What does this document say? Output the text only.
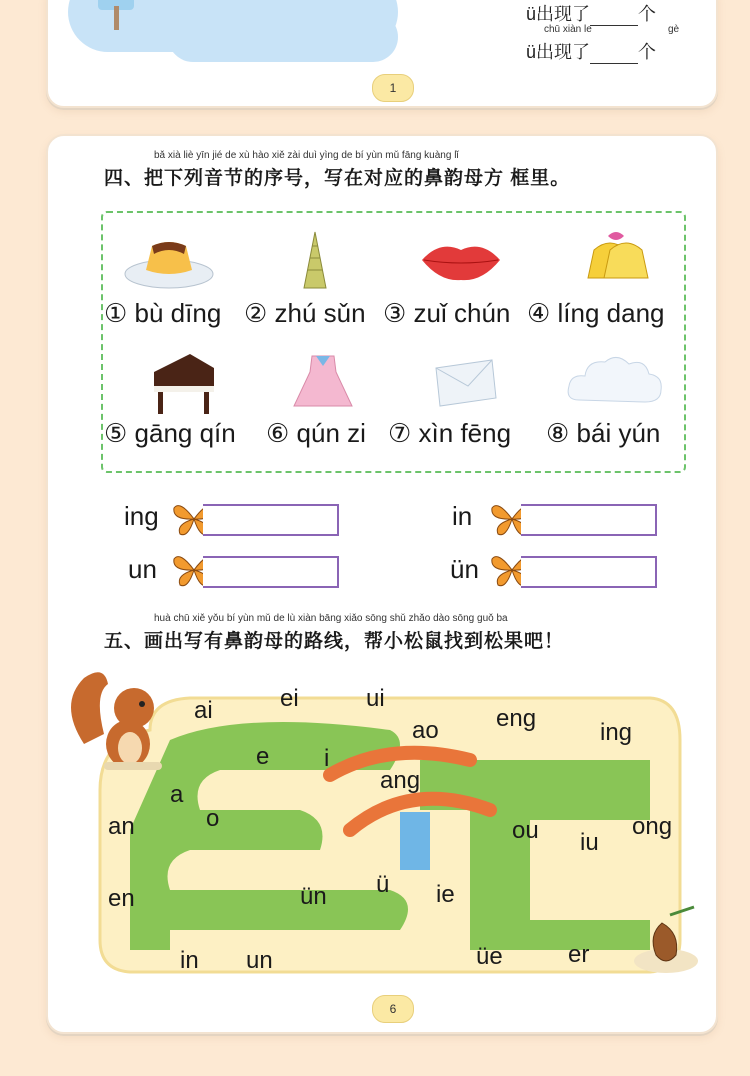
ü出现了	个
chū xiàn le	gè
ü出现了	个
1
bǎ xià liè yīn jié de xù hào xiě zài duì yìng de bí yùn mǔ fāng kuàng lǐ
四、把下列音节的序号，写在对应的鼻韵母方 框里。
① bù dīng ② zhú sǔn ③ zuǐ chún ④ líng dang
⑤ gāng qín ⑥ qún zi ⑦ xìn fēng ⑧ bái yún
ing	in
un	ün
huà chū xiě yǒu bí yùn mǔ de lù xiàn bāng xiǎo sōng shǔ zhǎo dào sōng guǒ ba
五、画出写有鼻韵母的路线，帮小松鼠找到松果吧！
ai	ei	ui
ao eng
ing
e i
ang
a
o
an	ou iu
ong
en	ün ü ie
in un	üe	er
6
